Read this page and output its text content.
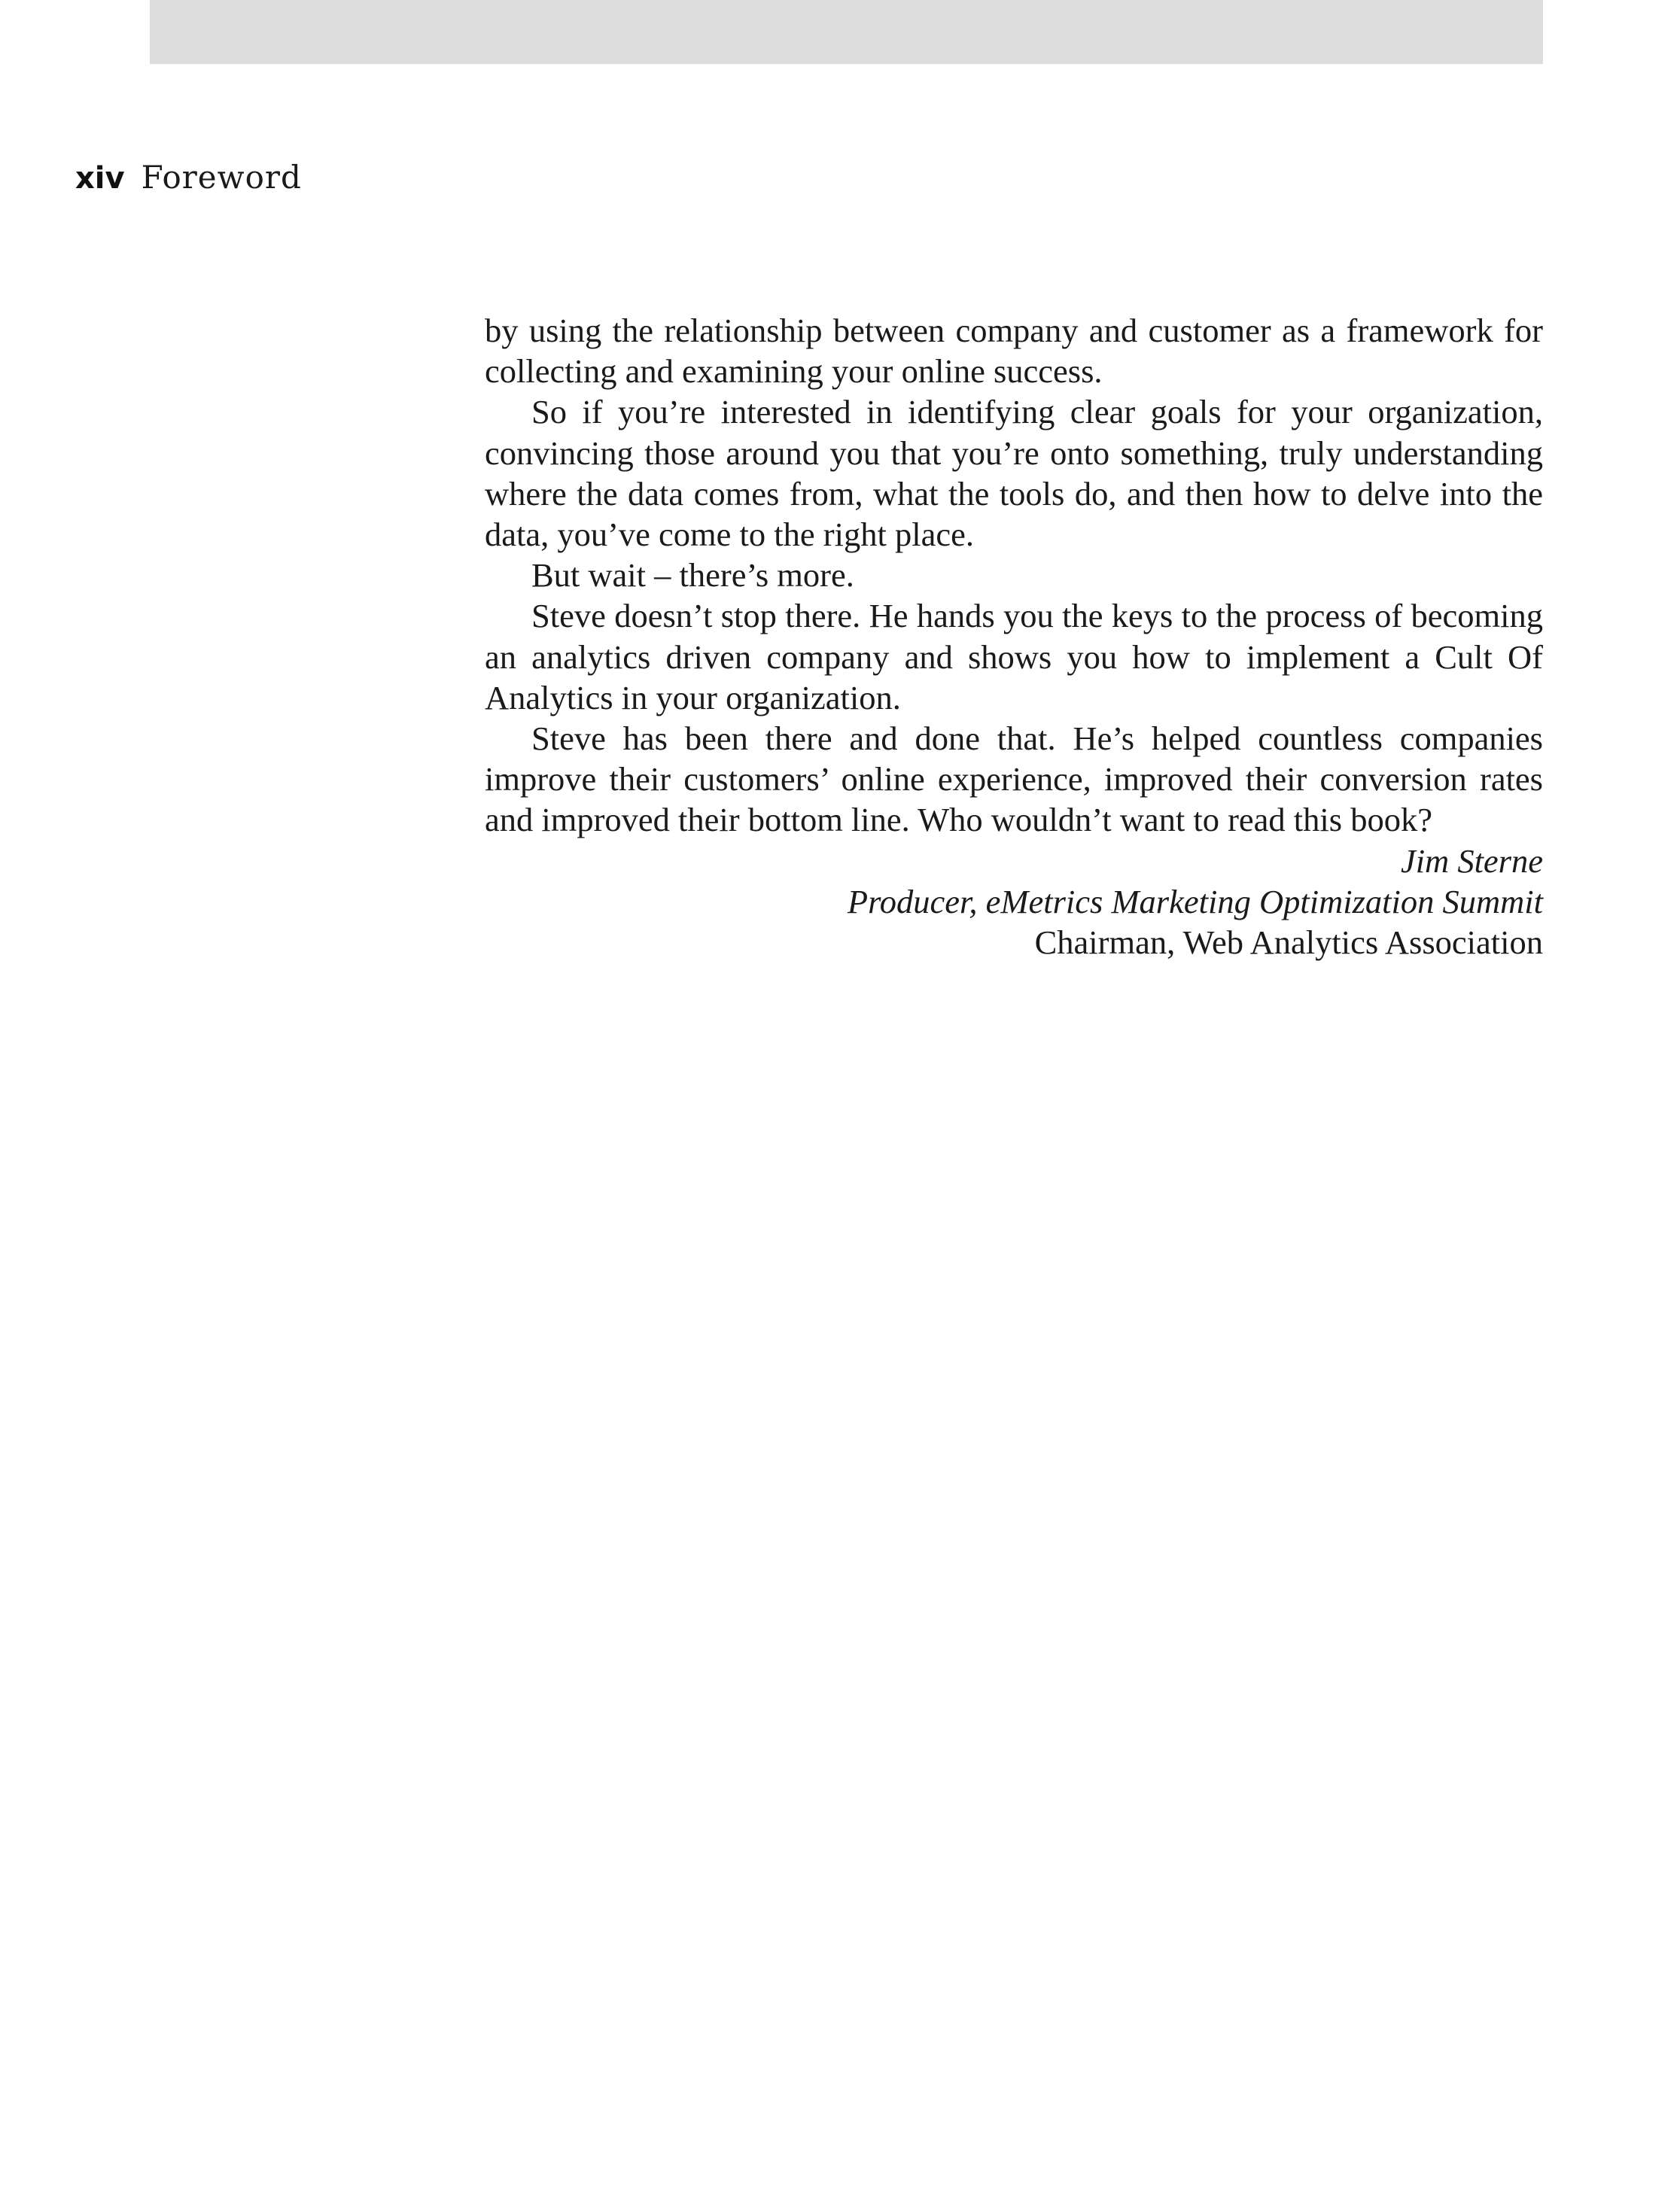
xiv Foreword

by using the relationship between company and customer as a framework for collecting and examining your online success.

So if you’re interested in identifying clear goals for your organization, convincing those around you that you’re onto something, truly understanding where the data comes from, what the tools do, and then how to delve into the data, you’ve come to the right place.

But wait – there’s more.

Steve doesn’t stop there. He hands you the keys to the process of becoming an analytics driven company and shows you how to implement a Cult Of Analytics in your organization.

Steve has been there and done that. He’s helped countless companies improve their customers’ online experience, improved their conversion rates and improved their bottom line. Who wouldn’t want to read this book?

Jim Sterne

Producer, eMetrics Marketing Optimization Summit

Chairman, Web Analytics Association
